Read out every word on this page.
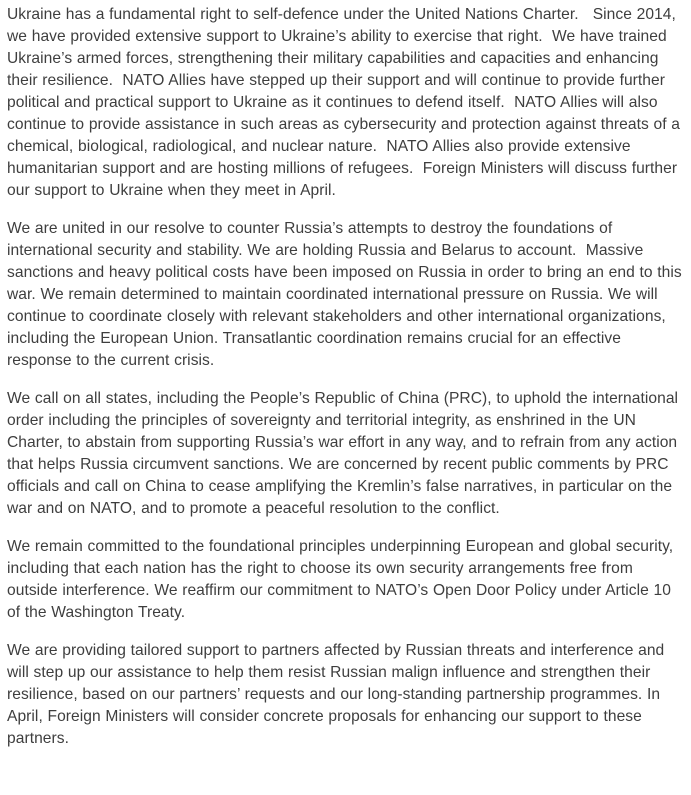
Ukraine has a fundamental right to self-defence under the United Nations Charter.   Since 2014, we have provided extensive support to Ukraine’s ability to exercise that right.  We have trained Ukraine’s armed forces, strengthening their military capabilities and capacities and enhancing their resilience.  NATO Allies have stepped up their support and will continue to provide further political and practical support to Ukraine as it continues to defend itself.  NATO Allies will also continue to provide assistance in such areas as cybersecurity and protection against threats of a chemical, biological, radiological, and nuclear nature.  NATO Allies also provide extensive humanitarian support and are hosting millions of refugees.  Foreign Ministers will discuss further our support to Ukraine when they meet in April.

We are united in our resolve to counter Russia’s attempts to destroy the foundations of international security and stability. We are holding Russia and Belarus to account.  Massive sanctions and heavy political costs have been imposed on Russia in order to bring an end to this war. We remain determined to maintain coordinated international pressure on Russia. We will continue to coordinate closely with relevant stakeholders and other international organizations, including the European Union. Transatlantic coordination remains crucial for an effective response to the current crisis.

We call on all states, including the People’s Republic of China (PRC), to uphold the international order including the principles of sovereignty and territorial integrity, as enshrined in the UN Charter, to abstain from supporting Russia’s war effort in any way, and to refrain from any action that helps Russia circumvent sanctions. We are concerned by recent public comments by PRC officials and call on China to cease amplifying the Kremlin’s false narratives, in particular on the war and on NATO, and to promote a peaceful resolution to the conflict.

We remain committed to the foundational principles underpinning European and global security, including that each nation has the right to choose its own security arrangements free from outside interference. We reaffirm our commitment to NATO’s Open Door Policy under Article 10 of the Washington Treaty.

We are providing tailored support to partners affected by Russian threats and interference and will step up our assistance to help them resist Russian malign influence and strengthen their resilience, based on our partners’ requests and our long-standing partnership programmes. In April, Foreign Ministers will consider concrete proposals for enhancing our support to these partners.
